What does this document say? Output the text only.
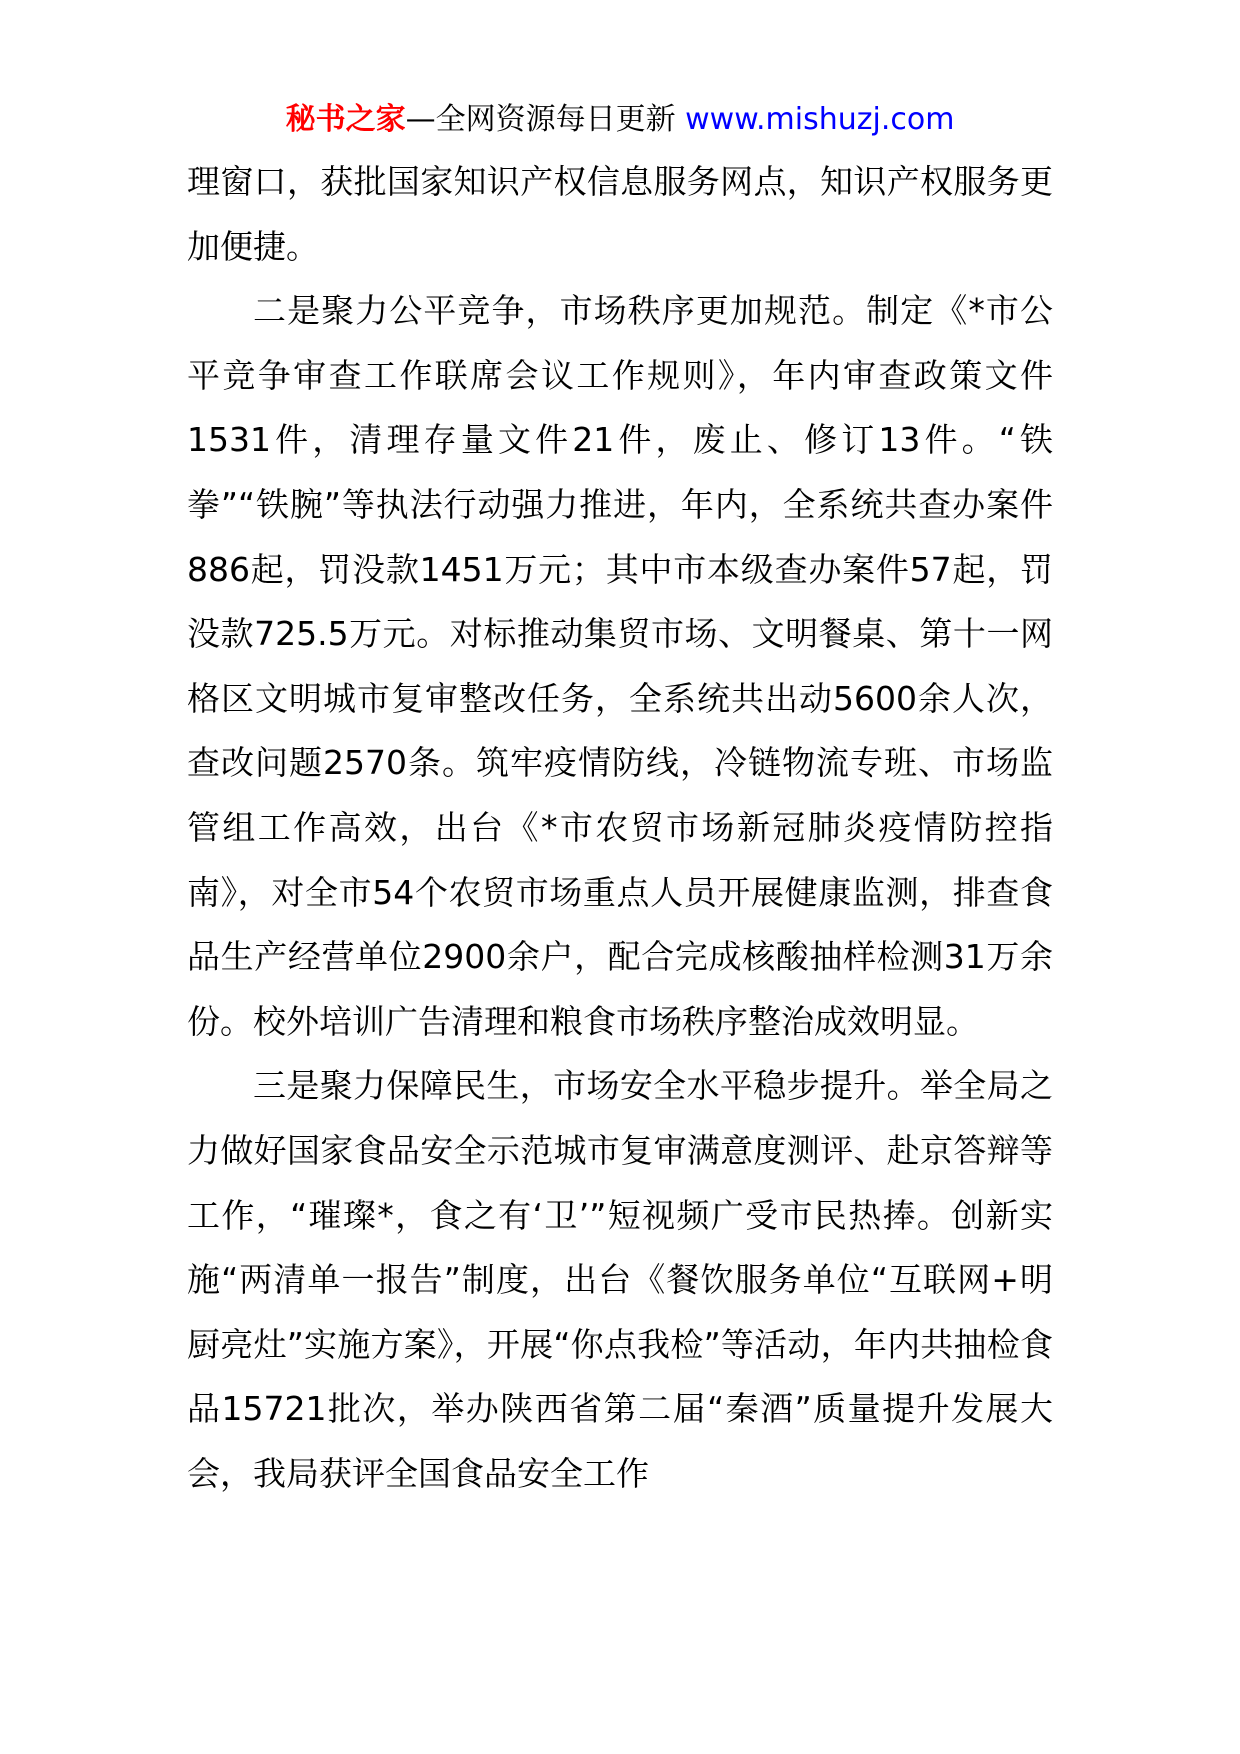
秘书之家—全网资源每日更新 www.mishuzj.com

理窗口，获批国家知识产权信息服务网点，知识产权服务更加便捷。

二是聚力公平竞争，市场秩序更加规范。制定《*市公平竞争审查工作联席会议工作规则》，年内审查政策文件1531件，清理存量文件21件，废止、修订13件。“铁拳”“铁腕”等执法行动强力推进，年内，全系统共查办案件886起，罚没款1451万元；其中市本级查办案件57起，罚没款725.5万元。对标推动集贸市场、文明餐桌、第十一网格区文明城市复审整改任务，全系统共出动5600余人次，查改问题2570条。筑牢疫情防线，冷链物流专班、市场监管组工作高效，出台《*市农贸市场新冠肺炎疫情防控指南》，对全市54个农贸市场重点人员开展健康监测，排查食品生产经营单位2900余户，配合完成核酸抽样检测31万余份。校外培训广告清理和粮食市场秩序整治成效明显。

三是聚力保障民生，市场安全水平稳步提升。举全局之力做好国家食品安全示范城市复审满意度测评、赴京答辩等工作，“璀璨*，食之有‘卫’”短视频广受市民热捧。创新实施“两清单一报告”制度，出台《餐饮服务单位“互联网+明厨亮灶”实施方案》，开展“你点我检”等活动，年内共抽检食品15721批次，举办陕西省第二届“秦酒”质量提升发展大会，我局获评全国食品安全工作
